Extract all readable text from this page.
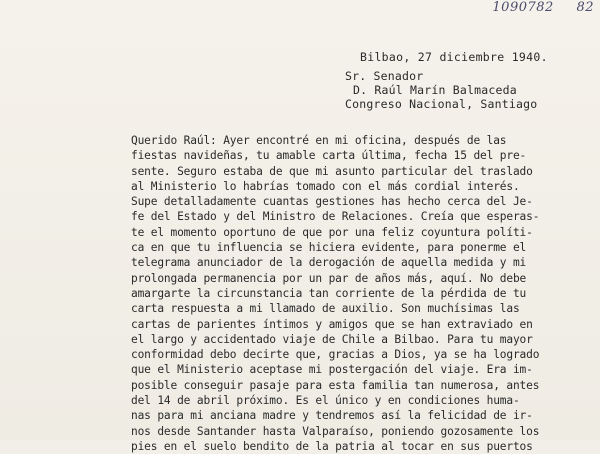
1090782 82
Bilbao, 27 diciembre 1940.
Sr. Senador
D. Raúl Marín Balmaceda
Congreso Nacional, Santiago
Querido Raúl: Ayer encontré en mi oficina, después de las
fiestas navideñas, tu amable carta última, fecha 15 del pre-
sente. Seguro estaba de que mi asunto particular del traslado
al Ministerio lo habrías tomado con el más cordial interés.
Supe detalladamente cuantas gestiones has hecho cerca del Je-
fe del Estado y del Ministro de Relaciones. Creía que esperas-
te el momento oportuno de que por una feliz coyuntura políti-
ca en que tu influencia se hiciera evidente, para ponerme el
telegrama anunciador de la derogación de aquella medida y mi
prolongada permanencia por un par de años más, aquí. No debe
amargarte la circunstancia tan corriente de la pérdida de tu
carta respuesta a mi llamado de auxilio. Son muchísimas las
cartas de parientes íntimos y amigos que se han extraviado en
el largo y accidentado viaje de Chile a Bilbao. Para tu mayor
conformidad debo decirte que, gracias a Dios, ya se ha logrado
que el Ministerio aceptase mi postergación del viaje. Era im-
posible conseguir pasaje para esta familia tan numerosa, antes
del 14 de abril próximo. Es el único y en condiciones huma-
nas para mi anciana madre y tendremos así la felicidad de ir-
nos desde Santander hasta Valparaíso, poniendo gozosamente los
pies en el suelo bendito de la patria al tocar en sus puertos
